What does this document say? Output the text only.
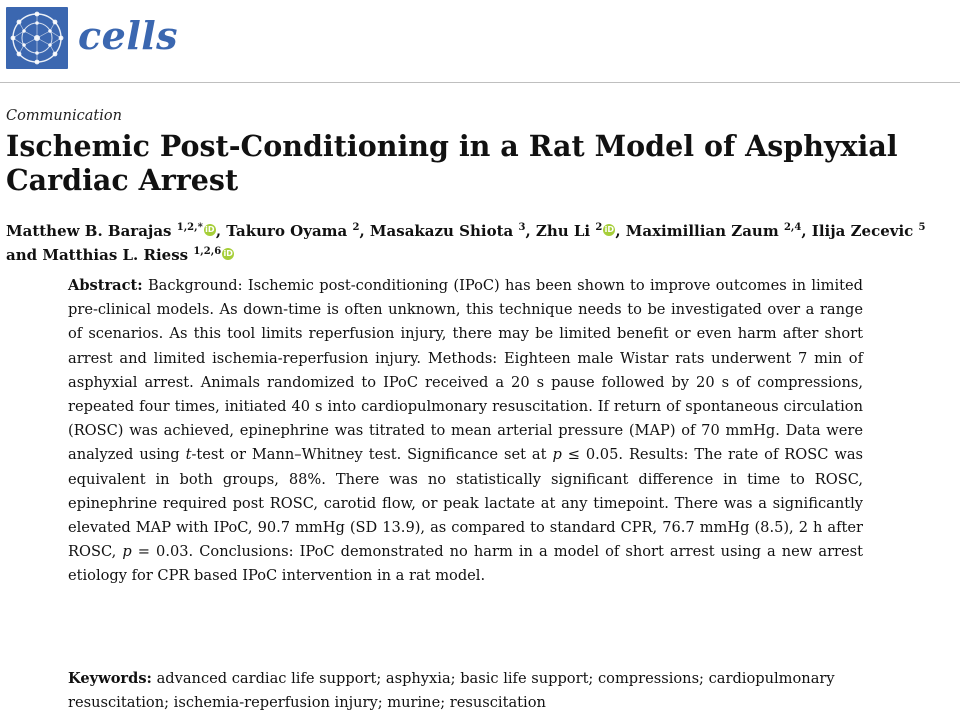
cells
Communication
Ischemic Post-Conditioning in a Rat Model of Asphyxial Cardiac Arrest
Matthew B. Barajas $^{1,2,*}$ iD, Takuro Oyama $^2$, Masakazu Shiota $^3$, Zhu Li $^2$ iD, Maximillian Zaum $^{2,4}$, Ilija Zecevic $^5$ and Matthias L. Riess $^{1,2,6}$ iD
Abstract: Background: Ischemic post-conditioning (IPoC) has been shown to improve outcomes in limited pre-clinical models. As down-time is often unknown, this technique needs to be investigated over a range of scenarios. As this tool limits reperfusion injury, there may be limited benefit or even harm after short arrest and limited ischemia-reperfusion injury. Methods: Eighteen male Wistar rats underwent 7 min of asphyxial arrest. Animals randomized to IPoC received a 20 s pause followed by 20 s of compressions, repeated four times, initiated 40 s into cardiopulmonary resuscitation. If return of spontaneous circulation (ROSC) was achieved, epinephrine was titrated to mean arterial pressure (MAP) of 70 mmHg. Data were analyzed using t-test or Mann–Whitney test. Significance set at p ≤ 0.05. Results: The rate of ROSC was equivalent in both groups, 88%. There was no statistically significant difference in time to ROSC, epinephrine required post ROSC, carotid flow, or peak lactate at any timepoint. There was a significantly elevated MAP with IPoC, 90.7 mmHg (SD 13.9), as compared to standard CPR, 76.7 mmHg (8.5), 2 h after ROSC, p = 0.03. Conclusions: IPoC demonstrated no harm in a model of short arrest using a new arrest etiology for CPR based IPoC intervention in a rat model.
Keywords: advanced cardiac life support; asphyxia; basic life support; compressions; cardiopulmonary resuscitation; ischemia-reperfusion injury; murine; resuscitation
